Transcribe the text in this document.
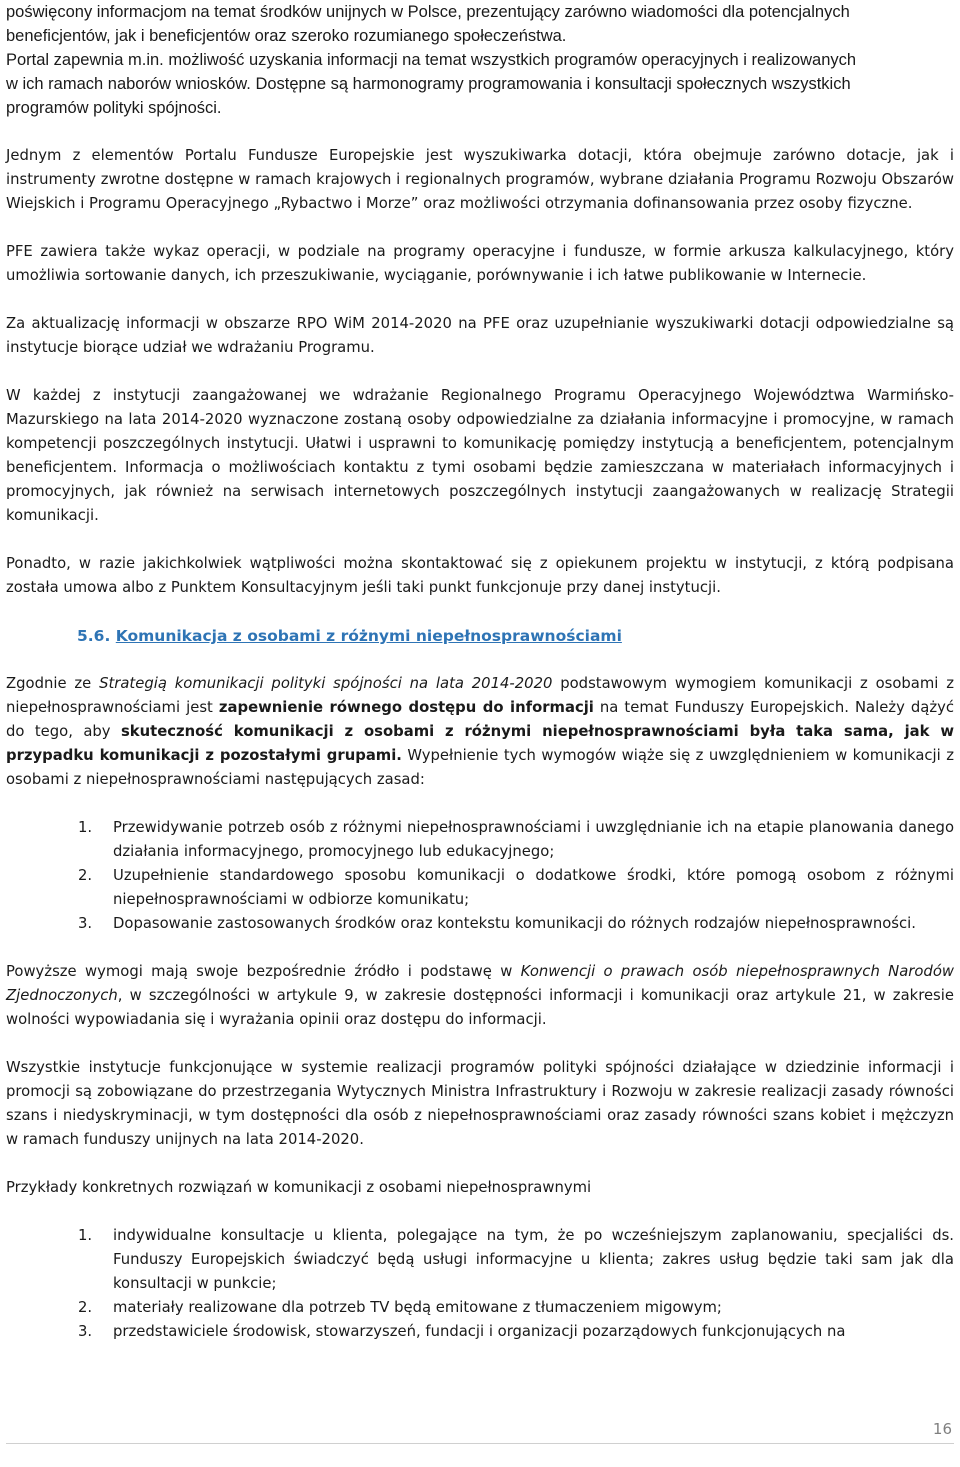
poświęcony informacjom na temat środków unijnych w Polsce, prezentujący zarówno wiadomości dla potencjalnych
beneficjentów, jak i beneficjentów oraz szeroko rozumianego społeczeństwa.
Portal zapewnia m.in. możliwość uzyskania informacji na temat wszystkich programów operacyjnych i realizowanych
w ich ramach naborów wniosków. Dostępne są harmonogramy programowania i konsultacji społecznych wszystkich
programów polityki spójności.

Jednym z elementów Portalu Fundusze Europejskie jest wyszukiwarka dotacji, która obejmuje zarówno dotacje, jak i instrumenty zwrotne dostępne w ramach krajowych i regionalnych programów, wybrane działania Programu Rozwoju Obszarów Wiejskich i Programu Operacyjnego „Rybactwo i Morze” oraz możliwości otrzymania dofinansowania przez osoby fizyczne.

PFE zawiera także wykaz operacji, w podziale na programy operacyjne i fundusze, w formie arkusza kalkulacyjnego, który umożliwia sortowanie danych, ich przeszukiwanie, wyciąganie, porównywanie i ich łatwe publikowanie w Internecie.

Za aktualizację informacji w obszarze RPO WiM 2014-2020 na PFE oraz uzupełnianie wyszukiwarki dotacji odpowiedzialne są instytucje biorące udział we wdrażaniu Programu.

W każdej z instytucji zaangażowanej we wdrażanie Regionalnego Programu Operacyjnego Województwa Warmińsko-Mazurskiego na lata 2014-2020 wyznaczone zostaną osoby odpowiedzialne za działania informacyjne i promocyjne, w ramach kompetencji poszczególnych instytucji. Ułatwi i usprawni to komunikację pomiędzy instytucją a beneficjentem, potencjalnym beneficjentem. Informacja o możliwościach kontaktu z tymi osobami będzie zamieszczana w materiałach informacyjnych i promocyjnych, jak również na serwisach internetowych poszczególnych instytucji zaangażowanych w realizację Strategii komunikacji.

Ponadto, w razie jakichkolwiek wątpliwości można skontaktować się z opiekunem projektu w instytucji, z którą podpisana została umowa albo z Punktem Konsultacyjnym jeśli taki punkt funkcjonuje przy danej instytucji.

5.6. Komunikacja z osobami z różnymi niepełnosprawnościami

Zgodnie ze Strategią komunikacji polityki spójności na lata 2014-2020 podstawowym wymogiem komunikacji z osobami z niepełnosprawnościami jest zapewnienie równego dostępu do informacji na temat Funduszy Europejskich. Należy dążyć do tego, aby skuteczność komunikacji z osobami z różnymi niepełnosprawnościami była taka sama, jak w przypadku komunikacji z pozostałymi grupami. Wypełnienie tych wymogów wiąże się z uwzględnieniem w komunikacji z osobami z niepełnosprawnościami następujących zasad:

1. Przewidywanie potrzeb osób z różnymi niepełnosprawnościami i uwzględnianie ich na etapie planowania danego działania informacyjnego, promocyjnego lub edukacyjnego;
2. Uzupełnienie standardowego sposobu komunikacji o dodatkowe środki, które pomogą osobom z różnymi niepełnosprawnościami w odbiorze komunikatu;
3. Dopasowanie zastosowanych środków oraz kontekstu komunikacji do różnych rodzajów niepełnosprawności.

Powyższe wymogi mają swoje bezpośrednie źródło i podstawę w Konwencji o prawach osób niepełnosprawnych Narodów Zjednoczonych, w szczególności w artykule 9, w zakresie dostępności informacji i komunikacji oraz artykule 21, w zakresie wolności wypowiadania się i wyrażania opinii oraz dostępu do informacji.

Wszystkie instytucje funkcjonujące w systemie realizacji programów polityki spójności działające w dziedzinie informacji i promocji są zobowiązane do przestrzegania Wytycznych Ministra Infrastruktury i Rozwoju w zakresie realizacji zasady równości szans i niedyskryminacji, w tym dostępności dla osób z niepełnosprawnościami oraz zasady równości szans kobiet i mężczyzn w ramach funduszy unijnych na lata 2014-2020.

Przykłady konkretnych rozwiązań w komunikacji z osobami niepełnosprawnymi

1. indywidualne konsultacje u klienta, polegające na tym, że po wcześniejszym zaplanowaniu, specjaliści ds. Funduszy Europejskich świadczyć będą usługi informacyjne u klienta; zakres usług będzie taki sam jak dla konsultacji w punkcie;
2. materiały realizowane dla potrzeb TV będą emitowane z tłumaczeniem migowym;
3. przedstawiciele środowisk, stowarzyszeń, fundacji i organizacji pozarządowych funkcjonujących na
16
